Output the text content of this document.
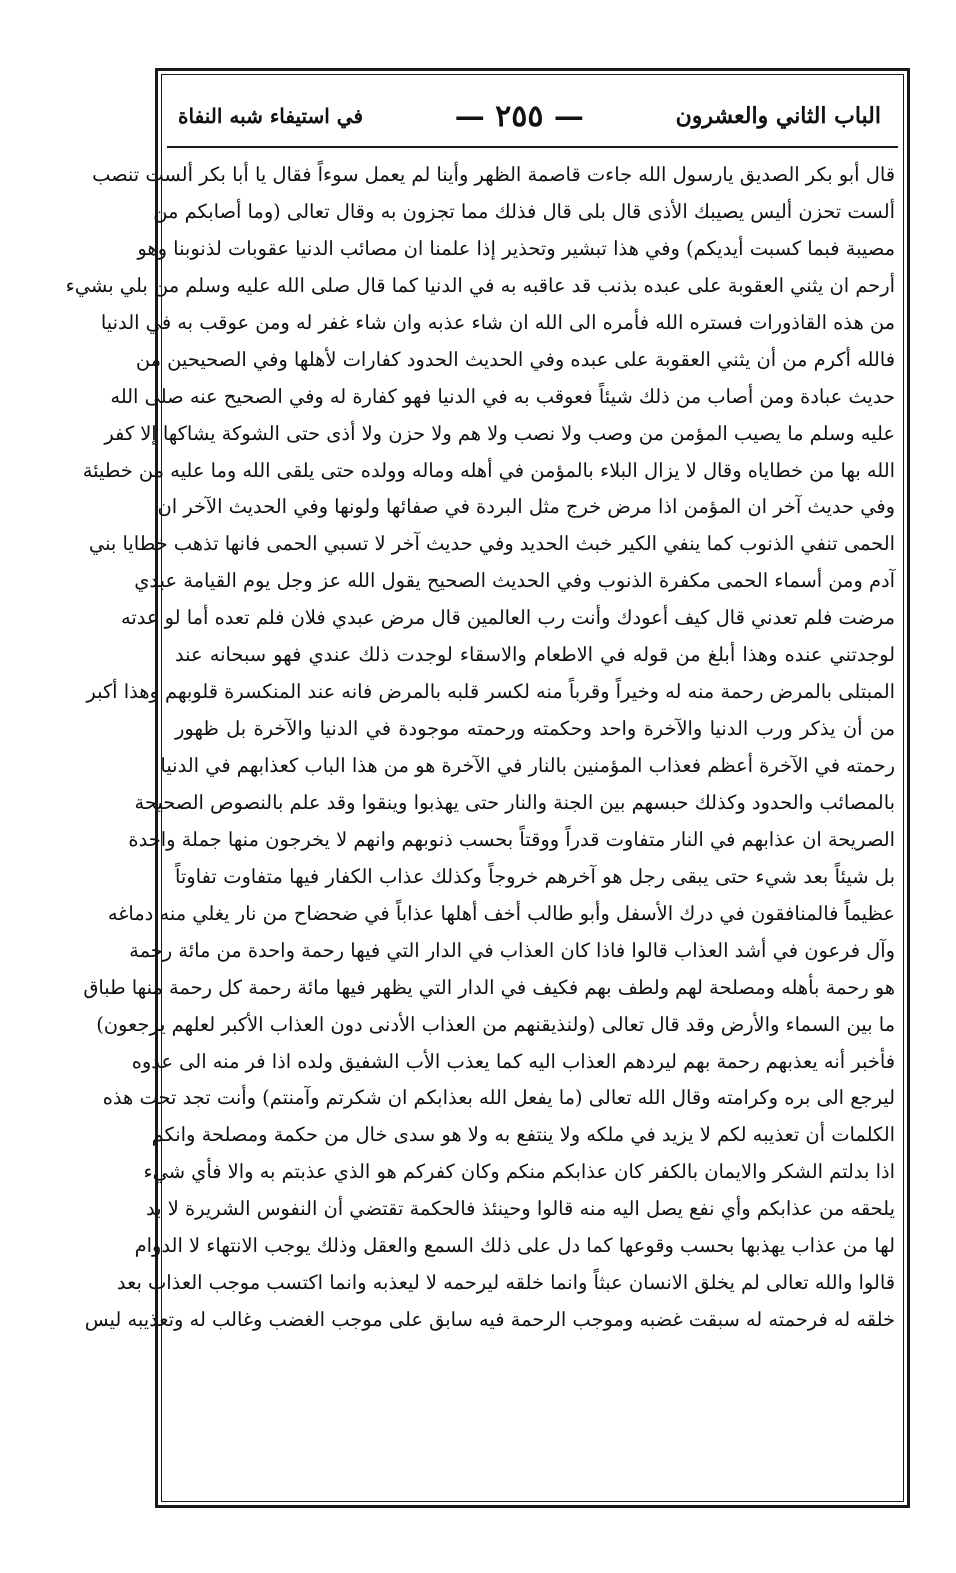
الباب الثاني والعشرون
— ٢٥٥ —
في استيفاء شبه النفاة
قال أبو بكر الصديق يارسول الله جاءت قاصمة الظهر وأينا لم يعمل سوءاً فقال يا أبا بكر ألست تنصب
ألست تحزن أليس يصيبك الأذى قال بلى قال فذلك مما تجزون به وقال تعالى (وما أصابكم من
مصيبة فبما كسبت أيديكم) وفي هذا تبشير وتحذير إذا علمنا ان مصائب الدنيا عقوبات لذنوبنا وهو
أرحم ان يثني العقوبة على عبده بذنب قد عاقبه به في الدنيا كما قال صلى الله عليه وسلم من بلي بشيء
من هذه القاذورات فستره الله فأمره الى الله ان شاء عذبه وان شاء غفر له ومن عوقب به في الدنيا
فالله أكرم من أن يثني العقوبة على عبده وفي الحديث الحدود كفارات لأهلها وفي الصحيحين من
حديث عبادة ومن أصاب من ذلك شيئاً فعوقب به في الدنيا فهو كفارة له وفي الصحيح عنه صلى الله
عليه وسلم ما يصيب المؤمن من وصب ولا نصب ولا هم ولا حزن ولا أذى حتى الشوكة يشاكها إلا كفر
الله بها من خطاياه وقال لا يزال البلاء بالمؤمن في أهله وماله وولده حتى يلقى الله وما عليه من خطيئة
وفي حديث آخر ان المؤمن اذا مرض خرج مثل البردة في صفائها ولونها وفي الحديث الآخر ان
الحمى تنفي الذنوب كما ينفي الكير خبث الحديد وفي حديث آخر لا تسبي الحمى فانها تذهب خطايا بني
آدم ومن أسماء الحمى مكفرة الذنوب وفي الحديث الصحيح يقول الله عز وجل يوم القيامة عبدي
مرضت فلم تعدني قال كيف أعودك وأنت رب العالمين قال مرض عبدي فلان فلم تعده أما لو عدته
لوجدتني عنده وهذا أبلغ من قوله في الاطعام والاسقاء لوجدت ذلك عندي فهو سبحانه عند
المبتلى بالمرض رحمة منه له وخيراً وقرباً منه لكسر قلبه بالمرض فانه عند المنكسرة قلوبهم وهذا أكبر
من أن يذكر ورب الدنيا والآخرة واحد وحكمته ورحمته موجودة في الدنيا والآخرة بل ظهور
رحمته في الآخرة أعظم فعذاب المؤمنين بالنار في الآخرة هو من هذا الباب كعذابهم في الدنيا
بالمصائب والحدود وكذلك حبسهم بين الجنة والنار حتى يهذبوا وينقوا وقد علم بالنصوص الصحيحة
الصريحة ان عذابهم في النار متفاوت قدراً ووقتاً بحسب ذنوبهم وانهم لا يخرجون منها جملة واحدة
بل شيئاً بعد شيء حتى يبقى رجل هو آخرهم خروجاً وكذلك عذاب الكفار فيها متفاوت تفاوتاً
عظيماً فالمنافقون في درك الأسفل وأبو طالب أخف أهلها عذاباً في ضحضاح من نار يغلي منه دماغه
وآل فرعون في أشد العذاب قالوا فاذا كان العذاب في الدار التي فيها رحمة واحدة من مائة رحمة
هو رحمة بأهله ومصلحة لهم ولطف بهم فكيف في الدار التي يظهر فيها مائة رحمة كل رحمة منها طباق
ما بين السماء والأرض وقد قال تعالى (ولنذيقنهم من العذاب الأدنى دون العذاب الأكبر لعلهم يرجعون)
فأخبر أنه يعذبهم رحمة بهم ليردهم العذاب اليه كما يعذب الأب الشفيق ولده اذا فر منه الى عدوه
ليرجع الى بره وكرامته وقال الله تعالى (ما يفعل الله بعذابكم ان شكرتم وآمنتم) وأنت تجد تحت هذه
الكلمات أن تعذيبه لكم لا يزيد في ملكه ولا ينتفع به ولا هو سدى خال من حكمة ومصلحة وانكم
اذا بدلتم الشكر والايمان بالكفر كان عذابكم منكم وكان كفركم هو الذي عذبتم به والا فأي شيء
يلحقه من عذابكم وأي نفع يصل اليه منه قالوا وحينئذ فالحكمة تقتضي أن النفوس الشريرة لا بد
لها من عذاب يهذبها بحسب وقوعها كما دل على ذلك السمع والعقل وذلك يوجب الانتهاء لا الدوام
قالوا والله تعالى لم يخلق الانسان عبثاً وانما خلقه ليرحمه لا ليعذبه وانما اكتسب موجب العذاب بعد
خلقه له فرحمته له سبقت غضبه وموجب الرحمة فيه سابق على موجب الغضب وغالب له وتعذيبه ليس
